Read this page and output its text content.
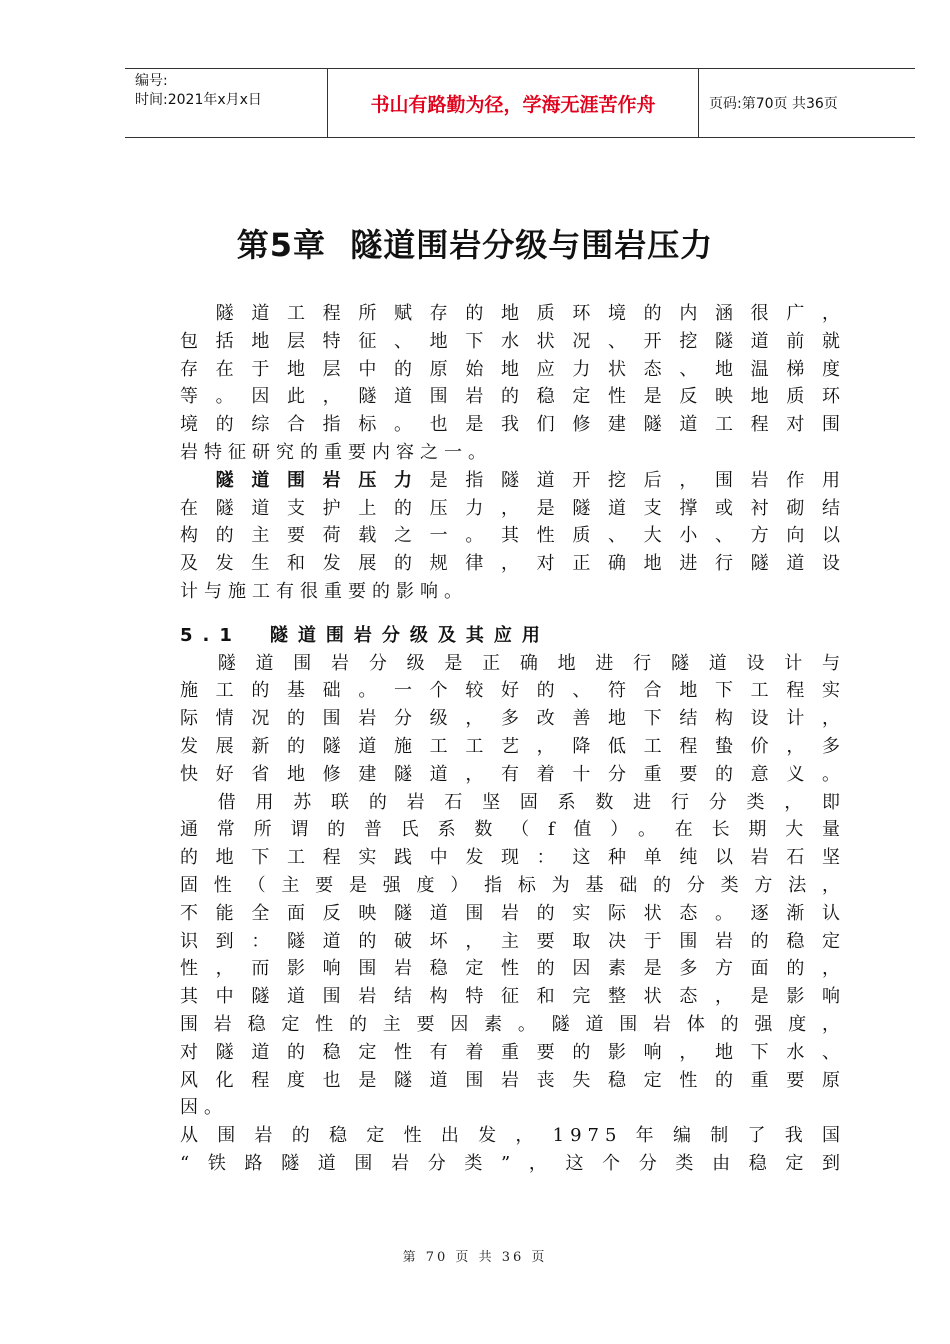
编号:
时间:2021年x月x日	书山有路勤为径，学海无涯苦作舟	页码:第70页 共36页
第5章 隧道围岩分级与围岩压力
　隧道工程所赋存的地质环境的内涵很广，
包括地层特征、地下水状况、开挖隧道前就
存在于地层中的原始地应力状态、地温梯度
等。因此，隧道围岩的稳定性是反映地质环
境的综合指标。也是我们修建隧道工程对围
岩特征研究的重要内容之一。
　隧道围岩压力是指隧道开挖后，围岩作用
在隧道支护上的压力，是隧道支撑或衬砌结
构的主要荷载之一。其性质、大小、方向以
及发生和发展的规律，对正确地进行隧道设
计与施工有很重要的影响。
5.1　隧道围岩分级及其应用
　隧道围岩分级是正确地进行隧道设计与
施工的基础。一个较好的、符合地下工程实
际情况的围岩分级，多改善地下结构设计，
发展新的隧道施工工艺，降低工程蛰价，多
快好省地修建隧道，有着十分重要的意义。
　借用苏联的岩石坚固系数进行分类，即
通常所谓的普氏系数（f值）。在长期大量
的地下工程实践中发现：这种单纯以岩石坚
固性（主要是强度）指标为基础的分类方法，
不能全面反映隧道围岩的实际状态。逐渐认
识到：隧道的破坏，主要取决于围岩的稳定
性，而影响围岩稳定性的因素是多方面的，
其中隧道围岩结构特征和完整状态，是影响
围岩稳定性的主要因素。隧道围岩体的强度，
对隧道的稳定性有着重要的影响，地下水、
风化程度也是隧道围岩丧失稳定性的重要原
因。
从围岩的稳定性出发，1975年编制了我国
“铁路隧道围岩分类”，这个分类由稳定到
第 70 页 共 36 页
